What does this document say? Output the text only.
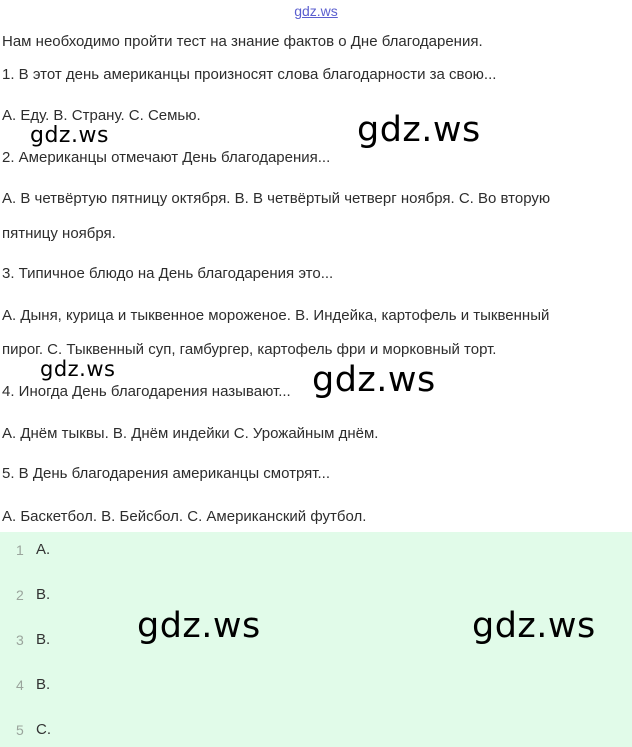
gdz.ws
Нам необходимо пройти тест на знание фактов о Дне благодарения.
1. В этот день американцы произносят слова благодарности за свою...
A. Еду. B. Страну. C. Семью.
2. Американцы отмечают День благодарения...
A. В четвёртую пятницу октября. B. В четвёртый четверг ноября. C. Во вторую
пятницу ноября.
3. Типичное блюдо на День благодарения это...
A. Дыня, курица и тыквенное мороженое. B. Индейка, картофель и тыквенный
пирог. C. Тыквенный суп, гамбургер, картофель фри и морковный торт.
4. Иногда День благодарения называют...
A. Днём тыквы. B. Днём индейки С. Урожайным днём.
5. В День благодарения американцы смотрят...
A. Баскетбол. B. Бейсбол. C. Американский футбол.
1 A.
2 B.
3 B.
4 B.
5 C.
gdz.ws	gdz.ws
gdz.ws	gdz.ws
gdz.ws	gdz.ws
